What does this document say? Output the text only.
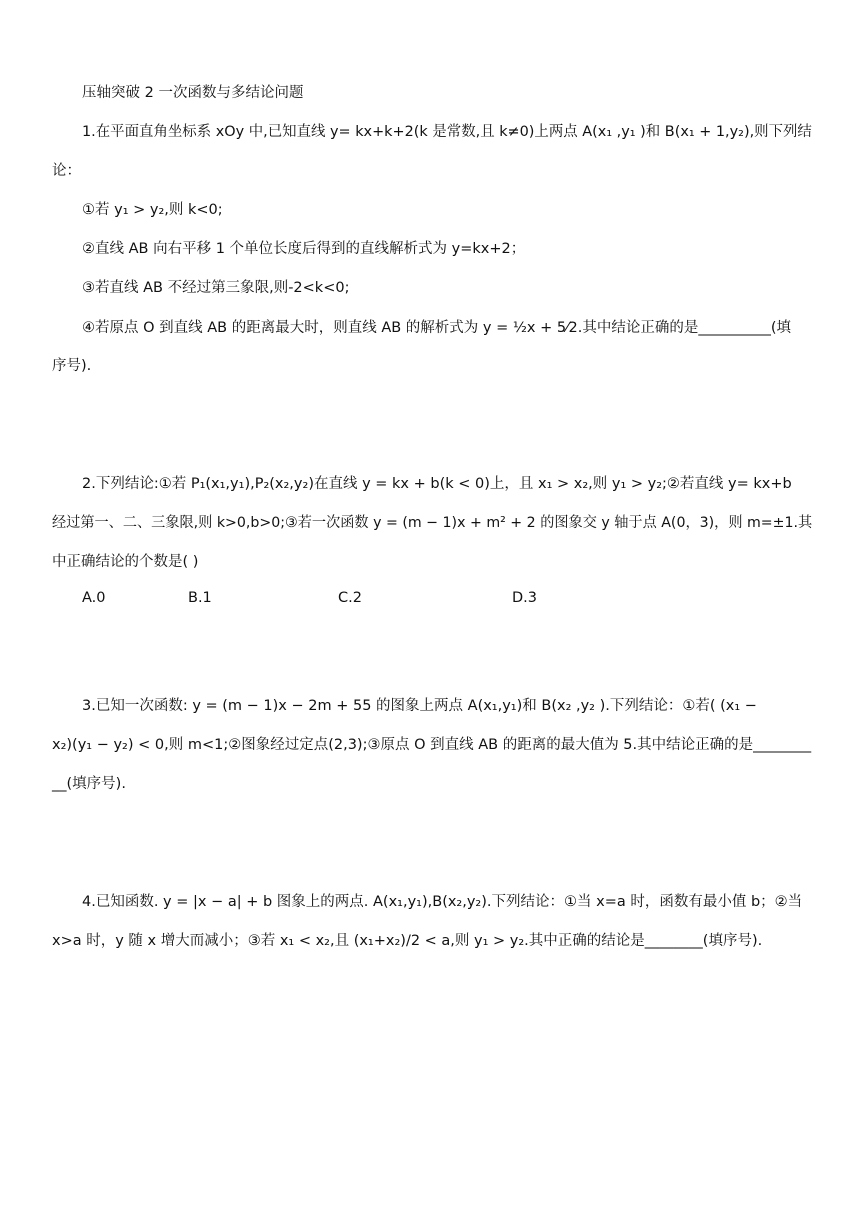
压轴突破 2 一次函数与多结论问题
1.在平面直角坐标系 xOy 中,已知直线 y= kx+k+2(k 是常数,且 k≠0)上两点 A(x₁ ,y₁ )和 B(x₁ + 1,y₂),则下列结
论：
①若 y₁ > y₂,则 k<0;
②直线 AB 向右平移 1 个单位长度后得到的直线解析式为 y=kx+2；
③若直线 AB 不经过第三象限,则-2<k<0;
④若原点 O 到直线 AB 的距离最大时，则直线 AB 的解析式为 y = ½x + 5⁄2.其中结论正确的是__________(填
序号).
2.下列结论:①若 P₁(x₁,y₁),P₂(x₂,y₂)在直线 y = kx + b(k < 0)上，且 x₁ > x₂,则 y₁ > y₂;②若直线 y= kx+b
经过第一、二、三象限,则 k>0,b>0;③若一次函数 y = (m − 1)x + m² + 2 的图象交 y 轴于点 A(0，3)，则 m=±1.其
中正确结论的个数是( )
A.0	B.1	C.2	D.3
3.已知一次函数: y = (m − 1)x − 2m + 55 的图象上两点 A(x₁,y₁)和 B(x₂ ,y₂ ).下列结论：①若( (x₁ −
x₂)(y₁ − y₂) < 0,则 m<1;②图象经过定点(2,3);③原点 O 到直线 AB 的距离的最大值为 5.其中结论正确的是________
__(填序号).
4.已知函数. y = |x − a| + b 图象上的两点. A(x₁,y₁),B(x₂,y₂).下列结论：①当 x=a 时，函数有最小值 b；②当
x>a 时，y 随 x 增大而减小；③若 x₁ < x₂,且 (x₁+x₂)/2 < a,则 y₁ > y₂.其中正确的结论是________(填序号).
